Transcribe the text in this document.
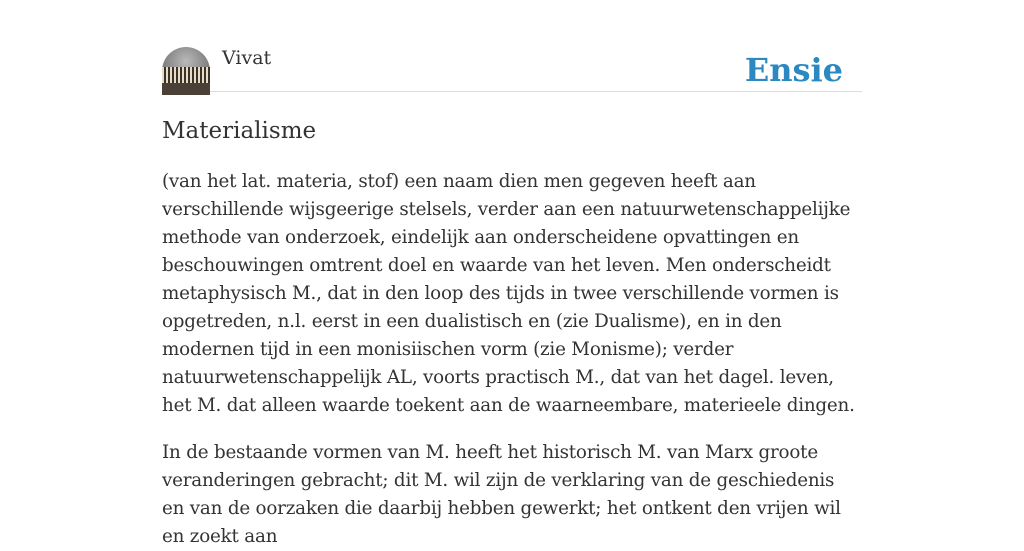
Vivat	Ensie
Materialisme

(van het lat. materia, stof) een naam dien men gegeven heeft aan verschillende wijsgeerige stelsels, verder aan een natuurwetenschappelijke methode van onderzoek, eindelijk aan onderscheidene opvattingen en beschouwingen omtrent doel en waarde van het leven. Men onderscheidt metaphysisch M., dat in den loop des tijds in twee verschillende vormen is opgetreden, n.l. eerst in een dualistisch en (zie Dualisme), en in den modernen tijd in een monisiischen vorm (zie Monisme); verder natuurwetenschappelijk AL, voorts practisch M., dat van het dagel. leven, het M. dat alleen waarde toekent aan de waarneembare, materieele dingen.

In de bestaande vormen van M. heeft het historisch M. van Marx groote veranderingen gebracht; dit M. wil zijn de verklaring van de geschiedenis en van de oorzaken die daarbij hebben gewerkt; het ontkent den vrijen wil en zoekt aan
